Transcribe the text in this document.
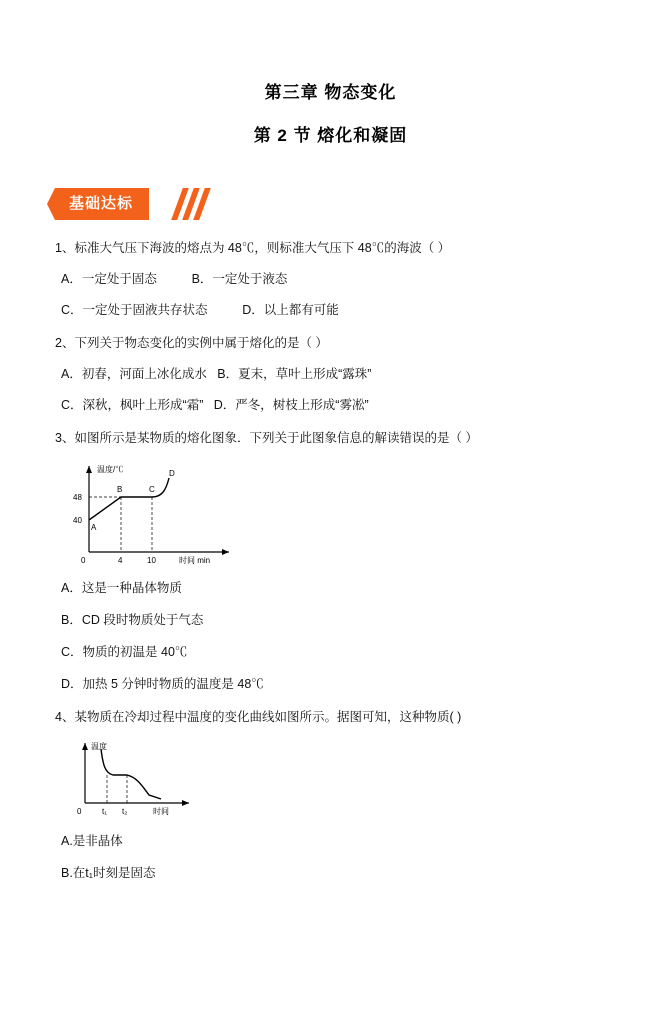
第三章 物态变化
第 2 节 熔化和凝固
基础达标
1、标准大气压下海波的熔点为 48℃，则标准大气压下 48℃的海波（ ）
A．一定处于固态          B．一定处于液态
C．一定处于固液共存状态          D．以上都有可能
2、下列关于物态变化的实例中属于熔化的是（ ）
A．初春，河面上冰化成水   B．夏末，草叶上形成“露珠”
C．深秋，枫叶上形成“霜”   D．严冬，树枝上形成“雾凇”
3、如图所示是某物质的熔化图象．下列关于此图象信息的解读错误的是（ ）
温度/℃
时间 min
48
40
0	4	10
A
B	C
D
A．这是一种晶体物质
B．CD 段时物质处于气态
C．物质的初温是 40℃
D．加热 5 分钟时物质的温度是 48℃
4、某物质在冷却过程中温度的变化曲线如图所示。据图可知，这种物质( )
温度
时间
0	t₁ t₂
A.是非晶体
B.在t₁时刻是固态
